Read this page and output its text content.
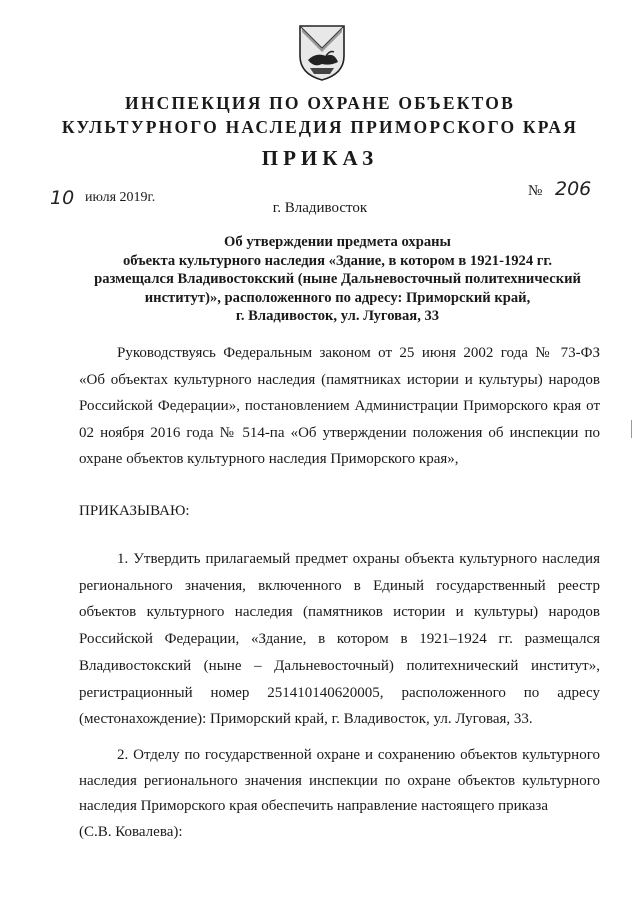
ИНСПЕКЦИЯ ПО ОХРАНЕ ОБЪЕКТОВ
КУЛЬТУРНОГО НАСЛЕДИЯ ПРИМОРСКОГО КРАЯ
ПРИКАЗ
10 июля 2019г.	№ 206
г. Владивосток
Об утверждении предмета охраны
объекта культурного наследия «Здание, в котором в 1921-1924 гг.
размещался Владивостокский (ныне Дальневосточный политехнический
институт)», расположенного по адресу: Приморский край,
г. Владивосток, ул. Луговая, 33
Руководствуясь Федеральным законом от 25 июня 2002 года № 73-ФЗ
«Об объектах культурного наследия (памятниках истории и культуры) народов
Российской Федерации», постановлением Администрации Приморского края от
02 ноября 2016 года № 514-па «Об утверждении положения об инспекции по
охране объектов культурного наследия Приморского края»,
ПРИКАЗЫВАЮ:
1. Утвердить прилагаемый предмет охраны объекта культурного наследия
регионального значения, включенного в Единый государственный реестр
объектов культурного наследия (памятников истории и культуры) народов
Российской Федерации, «Здание, в котором в 1921–1924 гг. размещался
Владивостокский (ныне – Дальневосточный) политехнический институт»,
регистрационный номер 251410140620005, расположенного по адресу
(местонахождение): Приморский край, г. Владивосток, ул. Луговая, 33.
2. Отделу по государственной охране и сохранению объектов культурного
наследия регионального значения инспекции по охране объектов культурного
наследия Приморского края обеспечить направление настоящего приказа
(С.В. Ковалева):
